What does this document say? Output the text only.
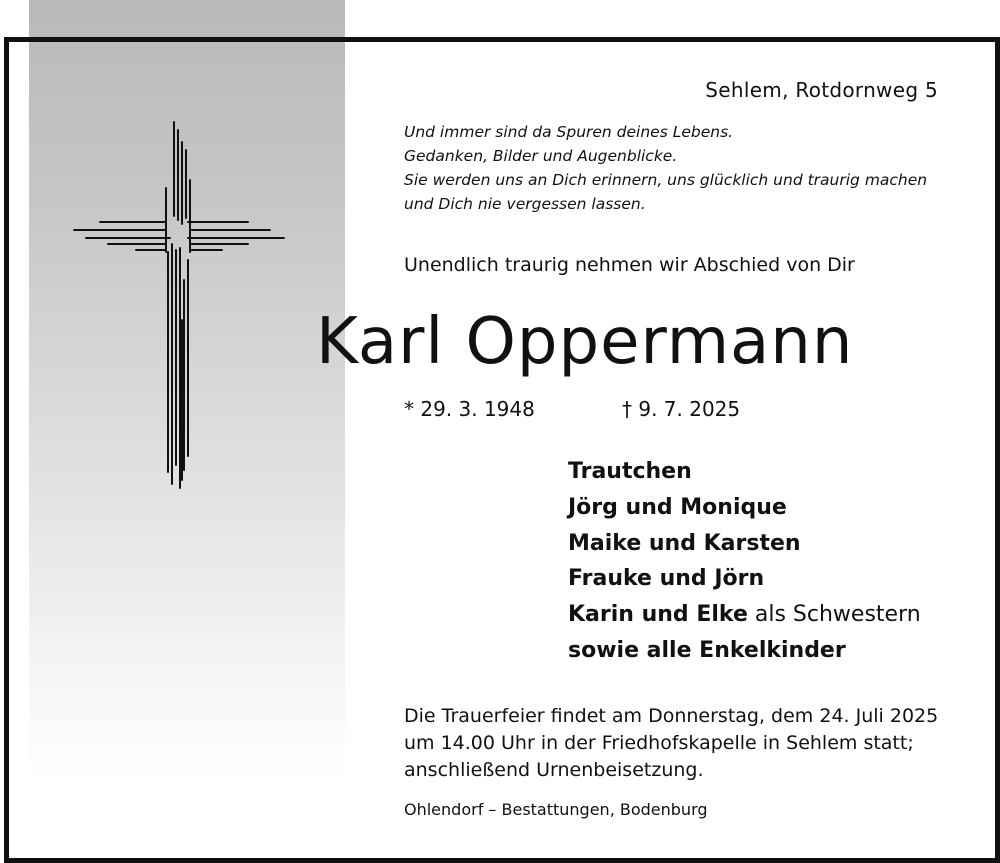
Sehlem, Rotdornweg 5

Und immer sind da Spuren deines Lebens.
Gedanken, Bilder und Augenblicke.
Sie werden uns an Dich erinnern, uns glücklich und traurig machen
und Dich nie vergessen lassen.

Unendlich traurig nehmen wir Abschied von Dir

Karl Oppermann

* 29. 3. 1948	† 9. 7. 2025

Trautchen
Jörg und Monique
Maike und Karsten
Frauke und Jörn
Karin und Elke als Schwestern
sowie alle Enkelkinder

Die Trauerfeier findet am Donnerstag, dem 24. Juli 2025
um 14.00 Uhr in der Friedhofskapelle in Sehlem statt;
anschließend Urnenbeisetzung.

Ohlendorf – Bestattungen, Bodenburg
